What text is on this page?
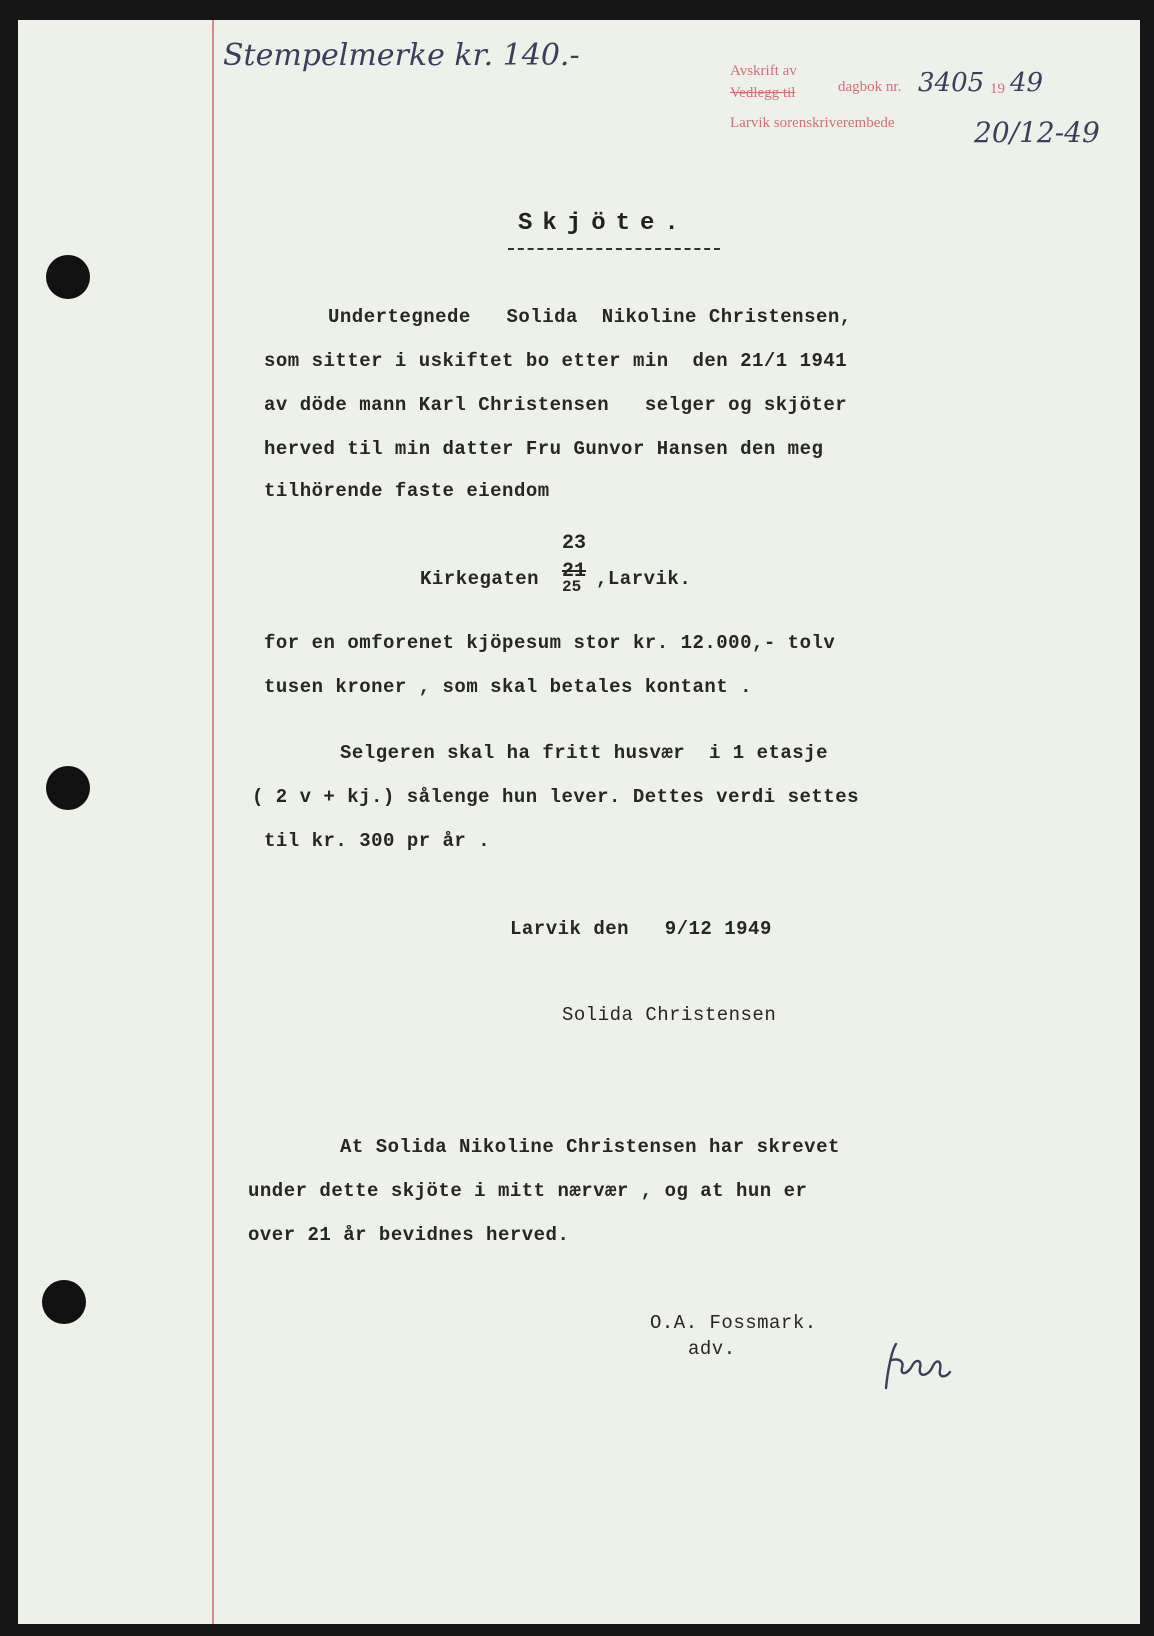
Stempelmerke kr. 140.-	Avskrift av
dagbok nr. 3405 19 49
Vedlegg til
Larvik sorenskriverembede	20/12-49
Skjöte.
Undertegnede   Solida  Nikoline Christensen,
som sitter i uskiftet bo etter min  den 21/1 1941
av döde mann Karl Christensen   selger og skjöter
herved til min datter Fru Gunvor Hansen den meg
tilhörende faste eiendom
23
Kirkegaten 21
25 ,Larvik.
for en omforenet kjöpesum stor kr. 12.000,- tolv
tusen kroner , som skal betales kontant .
Selgeren skal ha fritt husvær  i 1 etasje
( 2 v + kj.) sålenge hun lever. Dettes verdi settes
til kr. 300 pr år .
Larvik den   9/12 1949
Solida Christensen
At Solida Nikoline Christensen har skrevet
under dette skjöte i mitt nærvær , og at hun er
over 21 år bevidnes herved.
O.A. Fossmark.
adv.
